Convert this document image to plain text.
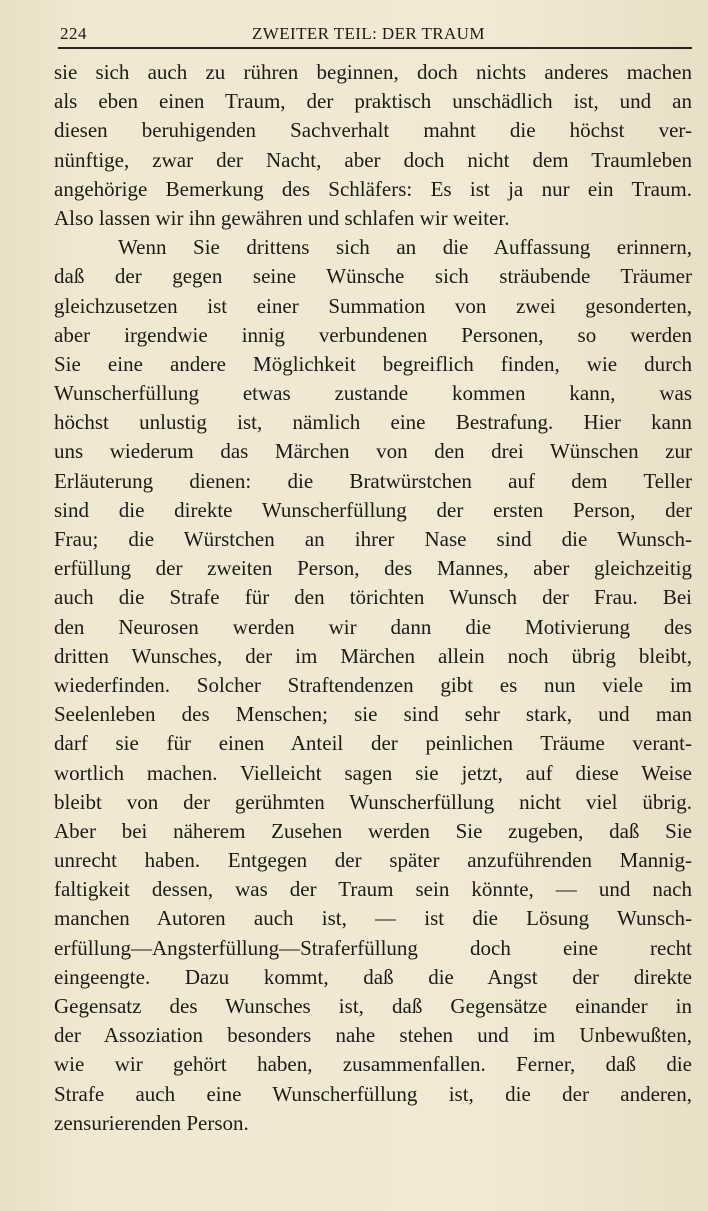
224	ZWEITER TEIL: DER TRAUM
sie sich auch zu rühren beginnen, doch nichts anderes machen
als eben einen Traum, der praktisch unschädlich ist, und an
diesen beruhigenden Sachverhalt mahnt die höchst ver-
nünftige, zwar der Nacht, aber doch nicht dem Traumleben
angehörige Bemerkung des Schläfers: Es ist ja nur ein Traum.
Also lassen wir ihn gewähren und schlafen wir weiter.
Wenn Sie drittens sich an die Auffassung erinnern,
daß der gegen seine Wünsche sich sträubende Träumer
gleichzusetzen ist einer Summation von zwei gesonderten,
aber irgendwie innig verbundenen Personen, so werden
Sie eine andere Möglichkeit begreiflich finden, wie durch
Wunscherfüllung etwas zustande kommen kann, was
höchst unlustig ist, nämlich eine Bestrafung. Hier kann
uns wiederum das Märchen von den drei Wünschen zur
Erläuterung dienen: die Bratwürstchen auf dem Teller
sind die direkte Wunscherfüllung der ersten Person, der
Frau; die Würstchen an ihrer Nase sind die Wunsch-
erfüllung der zweiten Person, des Mannes, aber gleichzeitig
auch die Strafe für den törichten Wunsch der Frau. Bei
den Neurosen werden wir dann die Motivierung des
dritten Wunsches, der im Märchen allein noch übrig bleibt,
wiederfinden. Solcher Straftendenzen gibt es nun viele im
Seelenleben des Menschen; sie sind sehr stark, und man
darf sie für einen Anteil der peinlichen Träume verant-
wortlich machen. Vielleicht sagen sie jetzt, auf diese Weise
bleibt von der gerühmten Wunscherfüllung nicht viel übrig.
Aber bei näherem Zusehen werden Sie zugeben, daß Sie
unrecht haben. Entgegen der später anzuführenden Mannig-
faltigkeit dessen, was der Traum sein könnte, — und nach
manchen Autoren auch ist, — ist die Lösung Wunsch-
erfüllung—Angsterfüllung—Straferfüllung doch eine recht
eingeengte. Dazu kommt, daß die Angst der direkte
Gegensatz des Wunsches ist, daß Gegensätze einander in
der Assoziation besonders nahe stehen und im Unbewußten,
wie wir gehört haben, zusammenfallen. Ferner, daß die
Strafe auch eine Wunscherfüllung ist, die der anderen,
zensurierenden Person.
